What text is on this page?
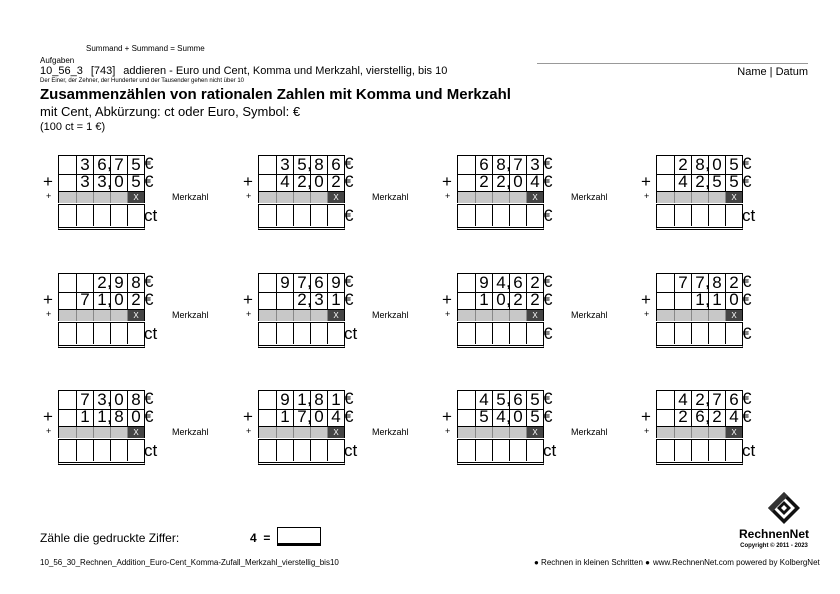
Summand + Summand = Summe
Aufgaben
10_56_3 [743] addieren - Euro und Cent, Komma und Merkzahl, vierstellig, bis 10
Der Einer, der Zehner, der Hunderter und der Tausender gehen nicht über 10
Name | Datum
Zusammenzählen von rationalen Zahlen mit Komma und Merkzahl
mit Cent, Abkürzung: ct oder Euro, Symbol: €
(100 ct = 1 €)
3 6 7 5
3 3 0 5
X
,
,
€
€
ct
+
+	Merkzahl
3 5 8 6
4 2 0 2
X
,
,
€
€
€
+
+	Merkzahl
6 8 7 3
2 2 0 4
X
,
,
€
€
€
+
+	Merkzahl
2 8 0 5
4 2 5 5
X
,
,
€
€
ct
+
+
2 9 8
7 1 0 2
X
,
,
€
€
ct
+
+	Merkzahl
9 7 6 9
2 3 1
X
,
,
€
€
ct
+
+	Merkzahl
9 4 6 2
1 0 2 2
X
,
,
€
€
€
+
+	Merkzahl
7 7 8 2
1 1 0
X
,
,
€
€
€
+
+
7 3 0 8
1 1 8 0
X
,
,
€
€
ct
+
+	Merkzahl
9 1 8 1
1 7 0 4
X
,
,
€
€
ct
+
+	Merkzahl
4 5 6 5
5 4 0 5
X
,
,
€
€
ct
+
+	Merkzahl
4 2 7 6
2 6 2 4
X
,
,
€
€
ct
+
+
Zähle die gedruckte Ziffer:	4 =
10_56_30_Rechnen_Addition_Euro-Cent_Komma-Zufall_Merkzahl_vierstellig_bis10	● Rechnen in kleinen Schritten ● www.RechnenNet.com powered by KolbergNet
RechnenNet
Copyright © 2011 - 2023
